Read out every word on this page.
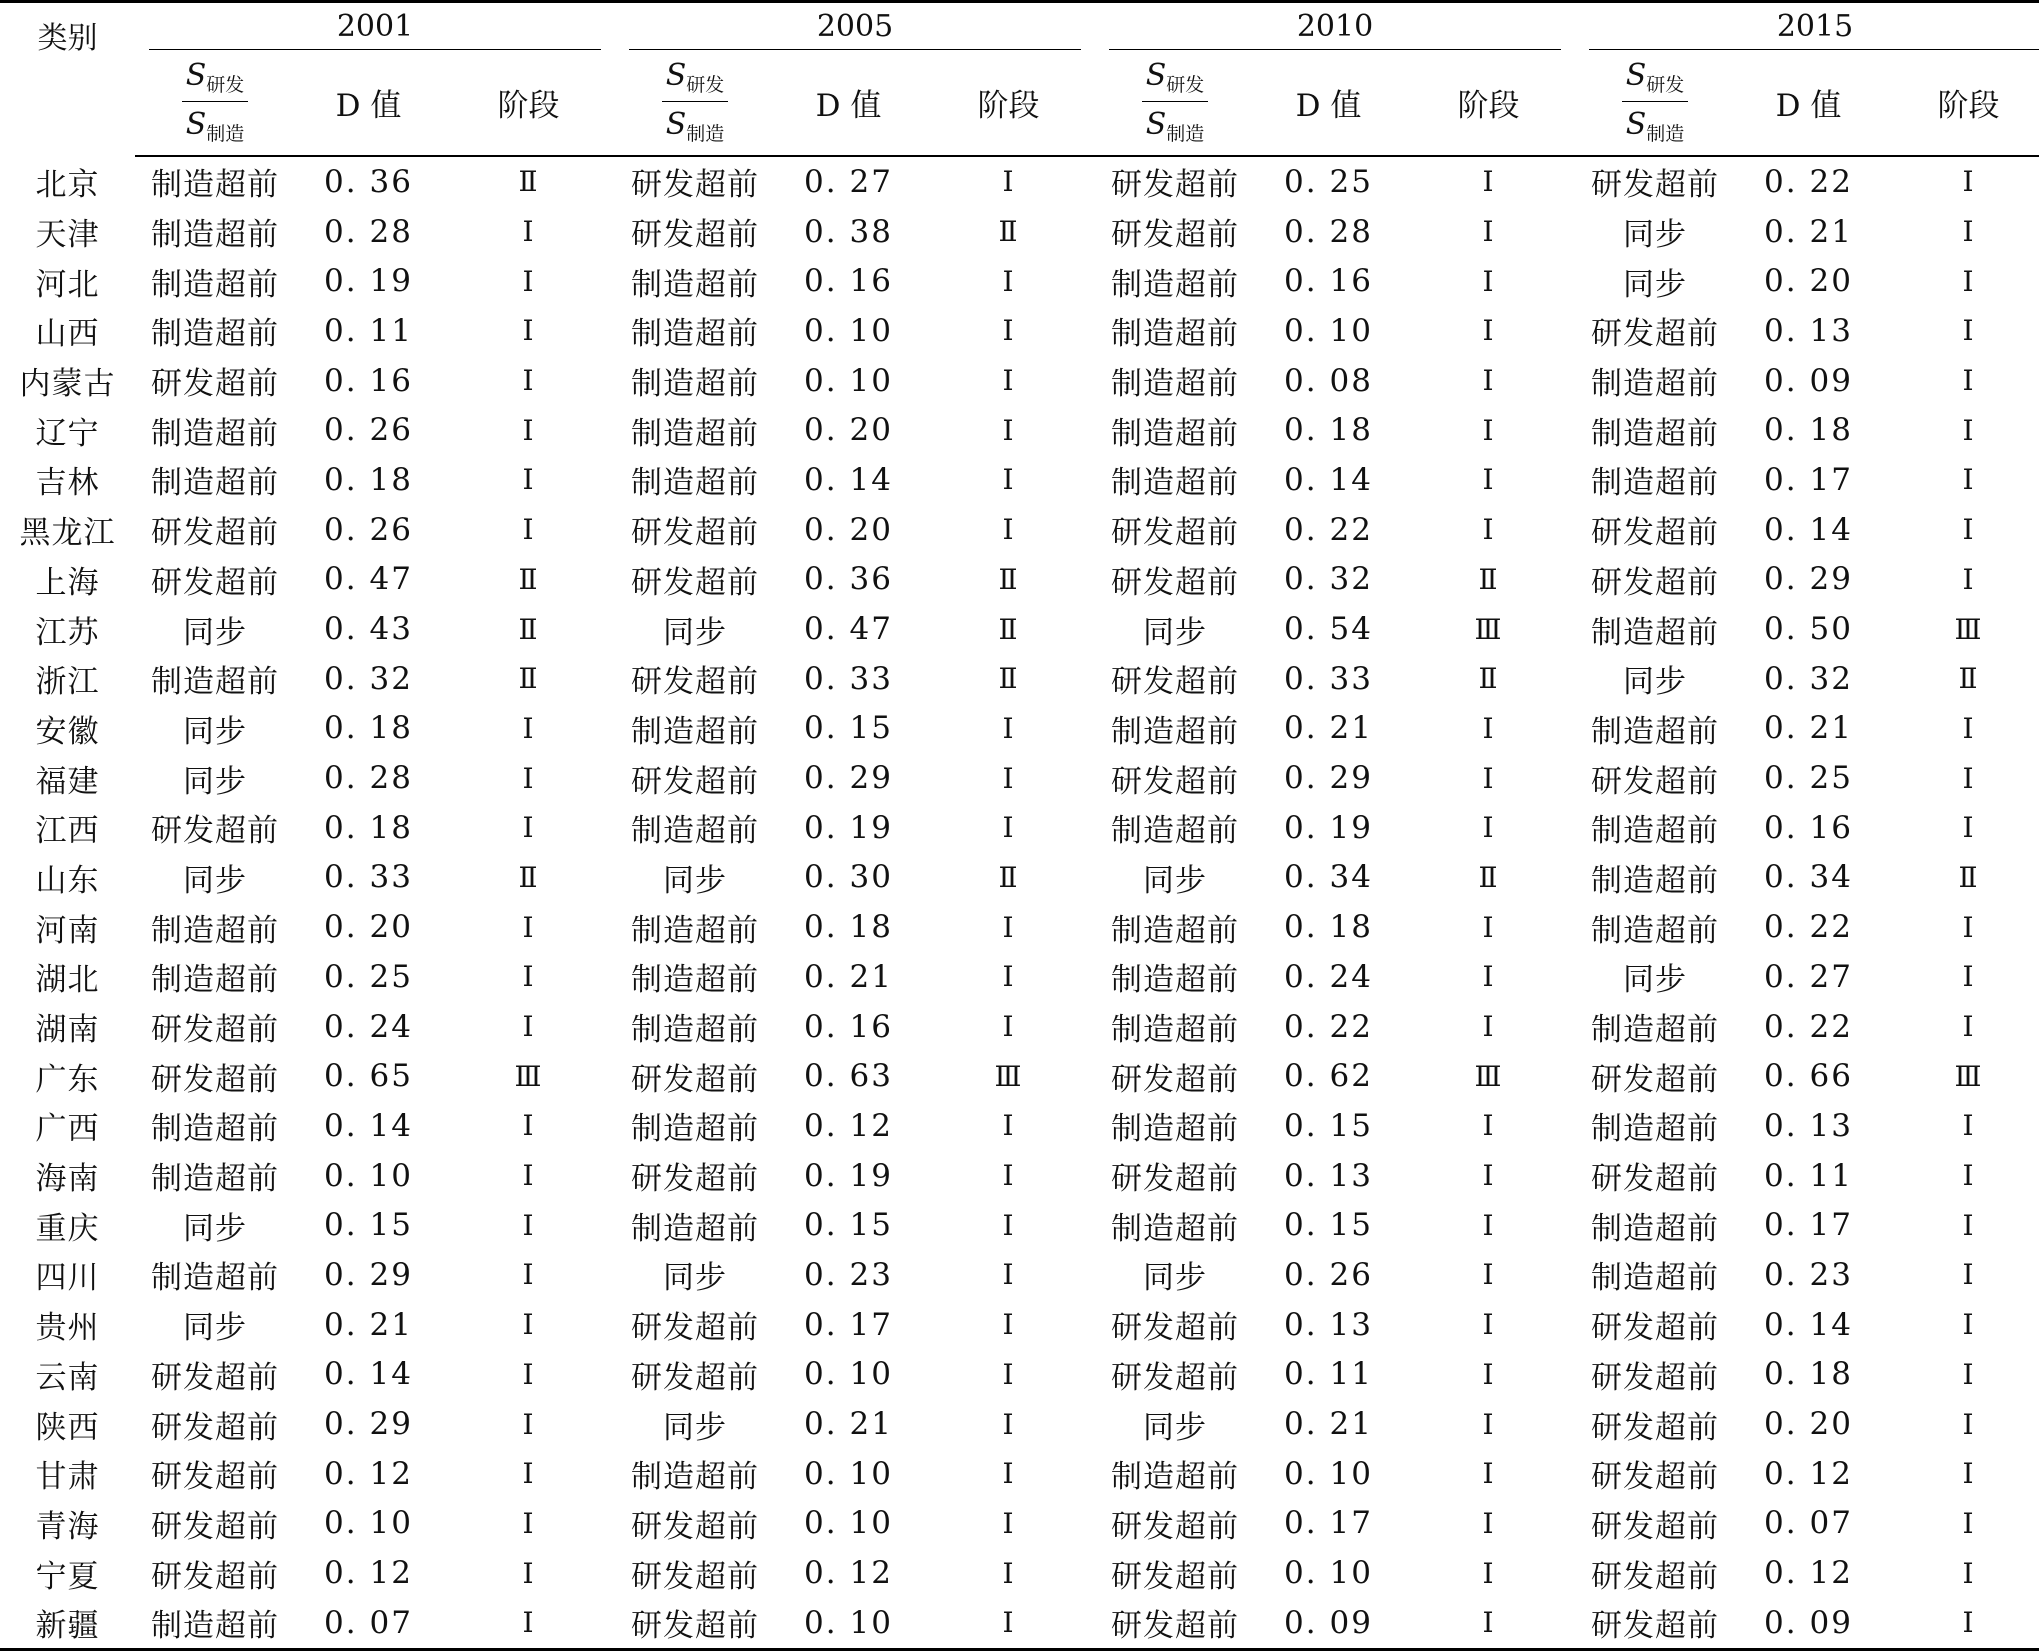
类别	2001			2005			2010			2015		

	$\frac{S_{研发}}{S_{制造}}$	D 值	阶段	$\frac{S_{研发}}{S_{制造}}$	D 值	阶段	$\frac{S_{研发}}{S_{制造}}$	D 值	阶段	$\frac{S_{研发}}{S_{制造}}$	D 值	阶段
北京	制造超前	0. 36	Ⅱ	研发超前	0. 27	Ⅰ	研发超前	0. 25	Ⅰ	研发超前	0. 22	Ⅰ
天津	制造超前	0. 28	Ⅰ	研发超前	0. 38	Ⅱ	研发超前	0. 28	Ⅰ	同步	0. 21	Ⅰ
河北	制造超前	0. 19	Ⅰ	制造超前	0. 16	Ⅰ	制造超前	0. 16	Ⅰ	同步	0. 20	Ⅰ
山西	制造超前	0. 11	Ⅰ	制造超前	0. 10	Ⅰ	制造超前	0. 10	Ⅰ	研发超前	0. 13	Ⅰ
内蒙古	研发超前	0. 16	Ⅰ	制造超前	0. 10	Ⅰ	制造超前	0. 08	Ⅰ	制造超前	0. 09	Ⅰ
辽宁	制造超前	0. 26	Ⅰ	制造超前	0. 20	Ⅰ	制造超前	0. 18	Ⅰ	制造超前	0. 18	Ⅰ
吉林	制造超前	0. 18	Ⅰ	制造超前	0. 14	Ⅰ	制造超前	0. 14	Ⅰ	制造超前	0. 17	Ⅰ
黑龙江	研发超前	0. 26	Ⅰ	研发超前	0. 20	Ⅰ	研发超前	0. 22	Ⅰ	研发超前	0. 14	Ⅰ
上海	研发超前	0. 47	Ⅱ	研发超前	0. 36	Ⅱ	研发超前	0. 32	Ⅱ	研发超前	0. 29	Ⅰ
江苏	同步	0. 43	Ⅱ	同步	0. 47	Ⅱ	同步	0. 54	Ⅲ	制造超前	0. 50	Ⅲ
浙江	制造超前	0. 32	Ⅱ	研发超前	0. 33	Ⅱ	研发超前	0. 33	Ⅱ	同步	0. 32	Ⅱ
安徽	同步	0. 18	Ⅰ	制造超前	0. 15	Ⅰ	制造超前	0. 21	Ⅰ	制造超前	0. 21	Ⅰ
福建	同步	0. 28	Ⅰ	研发超前	0. 29	Ⅰ	研发超前	0. 29	Ⅰ	研发超前	0. 25	Ⅰ
江西	研发超前	0. 18	Ⅰ	制造超前	0. 19	Ⅰ	制造超前	0. 19	Ⅰ	制造超前	0. 16	Ⅰ
山东	同步	0. 33	Ⅱ	同步	0. 30	Ⅱ	同步	0. 34	Ⅱ	制造超前	0. 34	Ⅱ
河南	制造超前	0. 20	Ⅰ	制造超前	0. 18	Ⅰ	制造超前	0. 18	Ⅰ	制造超前	0. 22	Ⅰ
湖北	制造超前	0. 25	Ⅰ	制造超前	0. 21	Ⅰ	制造超前	0. 24	Ⅰ	同步	0. 27	Ⅰ
湖南	研发超前	0. 24	Ⅰ	制造超前	0. 16	Ⅰ	制造超前	0. 22	Ⅰ	制造超前	0. 22	Ⅰ
广东	研发超前	0. 65	Ⅲ	研发超前	0. 63	Ⅲ	研发超前	0. 62	Ⅲ	研发超前	0. 66	Ⅲ
广西	制造超前	0. 14	Ⅰ	制造超前	0. 12	Ⅰ	制造超前	0. 15	Ⅰ	制造超前	0. 13	Ⅰ
海南	制造超前	0. 10	Ⅰ	研发超前	0. 19	Ⅰ	研发超前	0. 13	Ⅰ	研发超前	0. 11	Ⅰ
重庆	同步	0. 15	Ⅰ	制造超前	0. 15	Ⅰ	制造超前	0. 15	Ⅰ	制造超前	0. 17	Ⅰ
四川	制造超前	0. 29	Ⅰ	同步	0. 23	Ⅰ	同步	0. 26	Ⅰ	制造超前	0. 23	Ⅰ
贵州	同步	0. 21	Ⅰ	研发超前	0. 17	Ⅰ	研发超前	0. 13	Ⅰ	研发超前	0. 14	Ⅰ
云南	研发超前	0. 14	Ⅰ	研发超前	0. 10	Ⅰ	研发超前	0. 11	Ⅰ	研发超前	0. 18	Ⅰ
陕西	研发超前	0. 29	Ⅰ	同步	0. 21	Ⅰ	同步	0. 21	Ⅰ	研发超前	0. 20	Ⅰ
甘肃	研发超前	0. 12	Ⅰ	制造超前	0. 10	Ⅰ	制造超前	0. 10	Ⅰ	研发超前	0. 12	Ⅰ
青海	研发超前	0. 10	Ⅰ	研发超前	0. 10	Ⅰ	研发超前	0. 17	Ⅰ	研发超前	0. 07	Ⅰ
宁夏	研发超前	0. 12	Ⅰ	研发超前	0. 12	Ⅰ	研发超前	0. 10	Ⅰ	研发超前	0. 12	Ⅰ
新疆	制造超前	0. 07	Ⅰ	研发超前	0. 10	Ⅰ	研发超前	0. 09	Ⅰ	研发超前	0. 09	Ⅰ
